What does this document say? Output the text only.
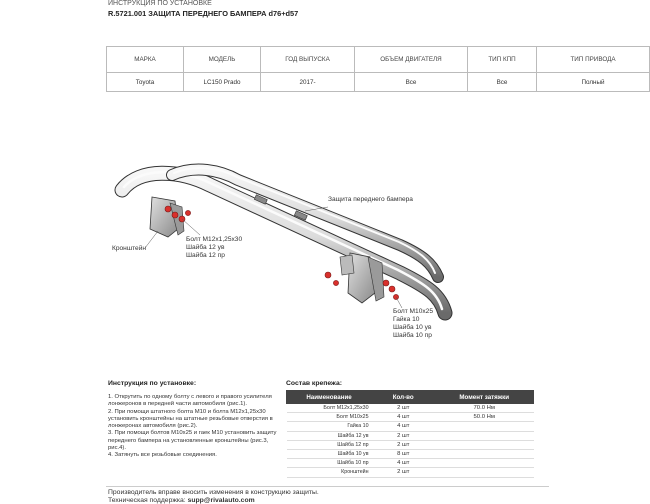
ИНСТРУКЦИЯ ПО УСТАНОВКЕ
R.5721.001 ЗАЩИТА ПЕРЕДНЕГО БАМПЕРА d76+d57
МАРКА	МОДЕЛЬ	ГОД ВЫПУСКА	ОБЪЕМ ДВИГАТЕЛЯ	ТИП КПП	ТИП ПРИВОДА
Toyota	LC150 Prado	2017-	Все	Все	Полный
Защита переднего бампера
Кронштейн
Болт M12x1,25x30
Шайба 12 ув
Шайба 12 пр
Болт M10x25
Гайка 10
Шайба 10 ув
Шайба 10 пр
Инструкция по установке:
1. Открутить по одному болту с левого и правого усилителя лонжеронов в передней части автомобиля (рис.1).
2. При помощи штатного болта M10 и болта M12x1,25x30 установить кронштейны на штатные резьбовые отверстия в лонжеронах автомобиля (рис.2).
3. При помощи болтов M10x25 и гаек M10 установить защиту переднего бампера на установленные кронштейны (рис.3, рис.4).
4. Затянуть все резьбовые соединения.
Состав крепежа:
Наименование	Кол-во	Момент затяжки
Болт M12x1,25x30	2 шт	70.0 Нм
Болт M10x25	4 шт	50.0 Нм
Гайка 10	4 шт	
Шайба 12 ув	2 шт	
Шайба 12 пр	2 шт	
Шайба 10 ув	8 шт	
Шайба 10 пр	4 шт	
Кронштейн	2 шт	
Производитель вправе вносить изменения в конструкцию защиты.
Техническая поддержка: supp@rivalauto.com
